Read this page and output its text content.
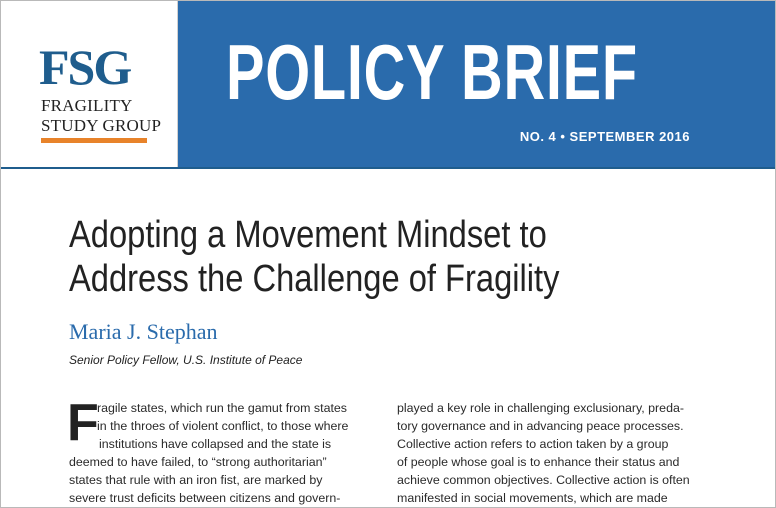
FSG
FRAGILITY
STUDY GROUP
POLICY BRIEF
NO. 4 • SEPTEMBER 2016
Adopting a Movement Mindset to
Address the Challenge of Fragility
Maria J. Stephan
Senior Policy Fellow, U.S. Institute of Peace
F
ragile states, which run the gamut from states
in the throes of violent conflict, to those where
institutions have collapsed and the state is
deemed to have failed, to “strong authoritarian”
states that rule with an iron fist, are marked by
severe trust deficits between citizens and govern-
played a key role in challenging exclusionary, preda-
tory governance and in advancing peace processes.
Collective action refers to action taken by a group
of people whose goal is to enhance their status and
achieve common objectives. Collective action is often
manifested in social movements, which are made
